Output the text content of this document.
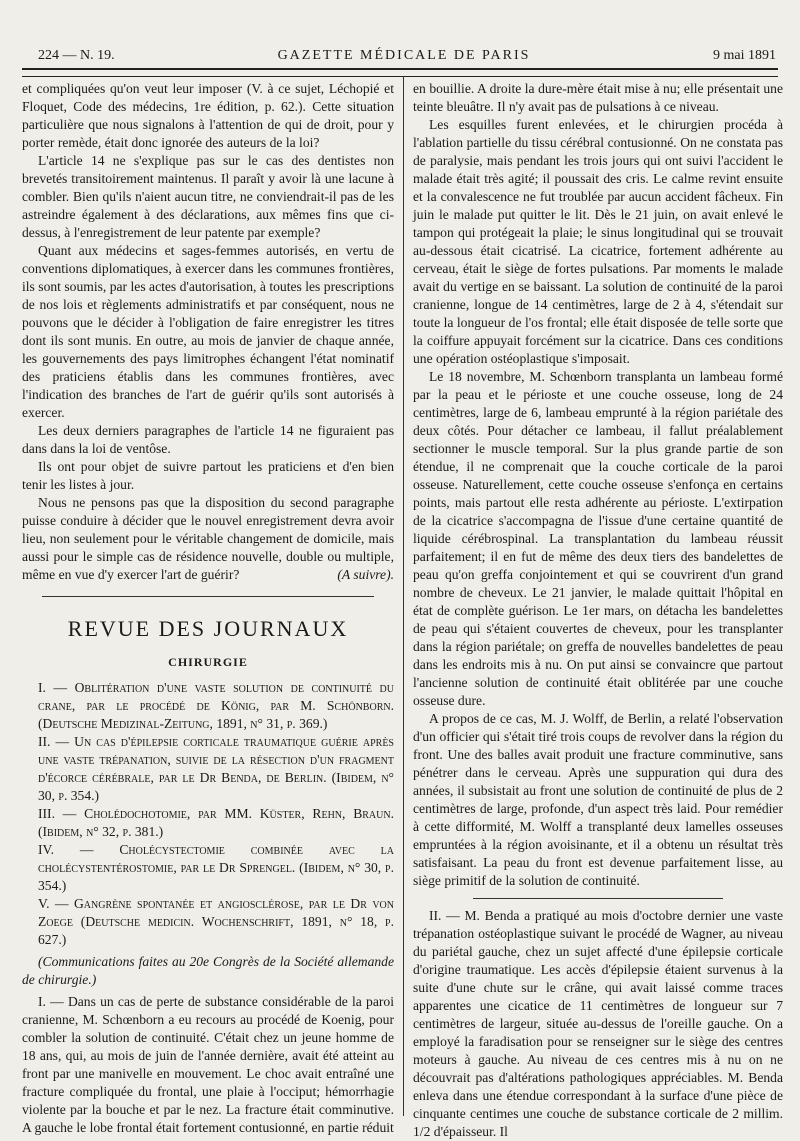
224 — N. 19.	GAZETTE MÉDICALE DE PARIS	9 mai 1891

et compliquées qu'on veut leur imposer (V. à ce sujet, Léchopié et Floquet, Code des médecins, 1re édition, p. 62.). Cette situation particulière que nous signalons à l'attention de qui de droit, pour y porter remède, était donc ignorée des auteurs de la loi?

L'article 14 ne s'explique pas sur le cas des dentistes non brevetés transitoirement maintenus. Il paraît y avoir là une lacune à combler. Bien qu'ils n'aient aucun titre, ne conviendrait-il pas de les astreindre également à des déclarations, aux mêmes fins que ci-dessus, à l'enregistrement de leur patente par exemple?

Quant aux médecins et sages-femmes autorisés, en vertu de conventions diplomatiques, à exercer dans les communes frontières, ils sont soumis, par les actes d'autorisation, à toutes les prescriptions de nos lois et règlements administratifs et par conséquent, nous ne pouvons que le décider à l'obligation de faire enregistrer les titres dont ils sont munis. En outre, au mois de janvier de chaque année, les gouvernements des pays limitrophes échangent l'état nominatif des praticiens établis dans les communes frontières, avec l'indication des branches de l'art de guérir qu'ils sont autorisés à exercer.

Les deux derniers paragraphes de l'article 14 ne figuraient pas dans dans la loi de ventôse.

Ils ont pour objet de suivre partout les praticiens et d'en bien tenir les listes à jour.

Nous ne pensons pas que la disposition du second paragraphe puisse conduire à décider que le nouvel enregistrement devra avoir lieu, non seulement pour le véritable changement de domicile, mais aussi pour le simple cas de résidence nouvelle, double ou multiple, même en vue d'y exercer l'art de guérir?	(A suivre).

REVUE DES JOURNAUX
CHIRURGIE

I. — Oblitération d'une vaste solution de continuité du crane, par le procédé de König, par M. Schönborn. (Deutsche Medizinal-Zeitung, 1891, n° 31, p. 369.)

II. — Un cas d'épilepsie corticale traumatique guérie après une vaste trépanation, suivie de la résection d'un fragment d'écorce cérébrale, par le Dr Benda, de Berlin. (Ibidem, n° 30, p. 354.)

III. — Cholédochotomie, par MM. Küster, Rehn, Braun. (Ibidem, n° 32, p. 381.)

IV. — Cholécystectomie combinée avec la cholécystentérostomie, par le Dr Sprengel. (Ibidem, n° 30, p. 354.)

V. — Gangrène spontanée et angiosclérose, par le Dr von Zoege (Deutsche medicin. Wochenschrift, 1891, n° 18, p. 627.)

(Communications faites au 20e Congrès de la Société allemande de chirurgie.)

I. — Dans un cas de perte de substance considérable de la paroi cranienne, M. Schœnborn a eu recours au procédé de Koenig, pour combler la solution de continuité. C'était chez un jeune homme de 18 ans, qui, au mois de juin de l'année dernière, avait été atteint au front par une manivelle en mouvement. Le choc avait entraîné une fracture compliquée du frontal, une plaie à l'occiput; hémorrhagie violente par la bouche et par le nez. La fracture était comminutive. A gauche le lobe frontal était fortement contusionné, en partie réduit

en bouillie. A droite la dure-mère était mise à nu; elle présentait une teinte bleuâtre. Il n'y avait pas de pulsations à ce niveau.

Les esquilles furent enlevées, et le chirurgien procéda à l'ablation partielle du tissu cérébral contusionné. On ne constata pas de paralysie, mais pendant les trois jours qui ont suivi l'accident le malade était très agité; il poussait des cris. Le calme revint ensuite et la convalescence ne fut troublée par aucun accident fâcheux. Fin juin le malade put quitter le lit. Dès le 21 juin, on avait enlevé le tampon qui protégeait la plaie; le sinus longitudinal qui se trouvait au-dessous était cicatrisé. La cicatrice, fortement adhérente au cerveau, était le siège de fortes pulsations. Par moments le malade avait du vertige en se baissant. La solution de continuité de la paroi cranienne, longue de 14 centimètres, large de 2 à 4, s'étendait sur toute la longueur de l'os frontal; elle était disposée de telle sorte que la coiffure appuyait forcément sur la cicatrice. Dans ces conditions une opération ostéoplastique s'imposait.

Le 18 novembre, M. Schœnborn transplanta un lambeau formé par la peau et le périoste et une couche osseuse, long de 24 centimètres, large de 6, lambeau emprunté à la région pariétale des deux côtés. Pour détacher ce lambeau, il fallut préalablement sectionner le muscle temporal. Sur la plus grande partie de son étendue, il ne comprenait que la couche corticale de la paroi osseuse. Naturellement, cette couche osseuse s'enfonça en certains points, mais partout elle resta adhérente au périoste. L'extirpation de la cicatrice s'accompagna de l'issue d'une certaine quantité de liquide cérébrospinal. La transplantation du lambeau réussit parfaitement; il en fut de même des deux tiers des bandelettes de peau qu'on greffa conjointement et qui se couvrirent d'un grand nombre de cheveux. Le 21 janvier, le malade quittait l'hôpital en état de complète guérison. Le 1er mars, on détacha les bandelettes de peau qui s'étaient couvertes de cheveux, pour les transplanter dans la région pariétale; on greffa de nouvelles bandelettes de peau dans les endroits mis à nu. On put ainsi se convaincre que partout l'ancienne solution de continuité était oblitérée par une couche osseuse dure.

A propos de ce cas, M. J. Wolff, de Berlin, a relaté l'observation d'un officier qui s'était tiré trois coups de revolver dans la région du front. Une des balles avait produit une fracture comminutive, sans pénétrer dans le cerveau. Après une suppuration qui dura des années, il subsistait au front une solution de continuité de plus de 2 centimètres de large, profonde, d'un aspect très laid. Pour remédier à cette difformité, M. Wolff a transplanté deux lamelles osseuses empruntées à la région avoisinante, et il a obtenu un résultat très satisfaisant. La peau du front est devenue parfaitement lisse, au siège primitif de la solution de continuité.

II. — M. Benda a pratiqué au mois d'octobre dernier une vaste trépanation ostéoplastique suivant le procédé de Wagner, au niveau du pariétal gauche, chez un sujet affecté d'une épilepsie corticale d'origine traumatique. Les accès d'épilepsie étaient survenus à la suite d'une chute sur le crâne, qui avait laissé comme traces apparentes une cicatice de 11 centimètres de longueur sur 7 centimètres de largeur, située au-dessus de l'oreille gauche. On a employé la faradisation pour se renseigner sur le siège des centres moteurs à gauche. Au niveau de ces centres mis à nu on ne découvrait pas d'altérations pathologiques appréciables. M. Benda enleva dans une étendue correspondant à la surface d'une pièce de cinquante centimes une couche de substance corticale de 2 millim. 1/2 d'épaisseur. Il
